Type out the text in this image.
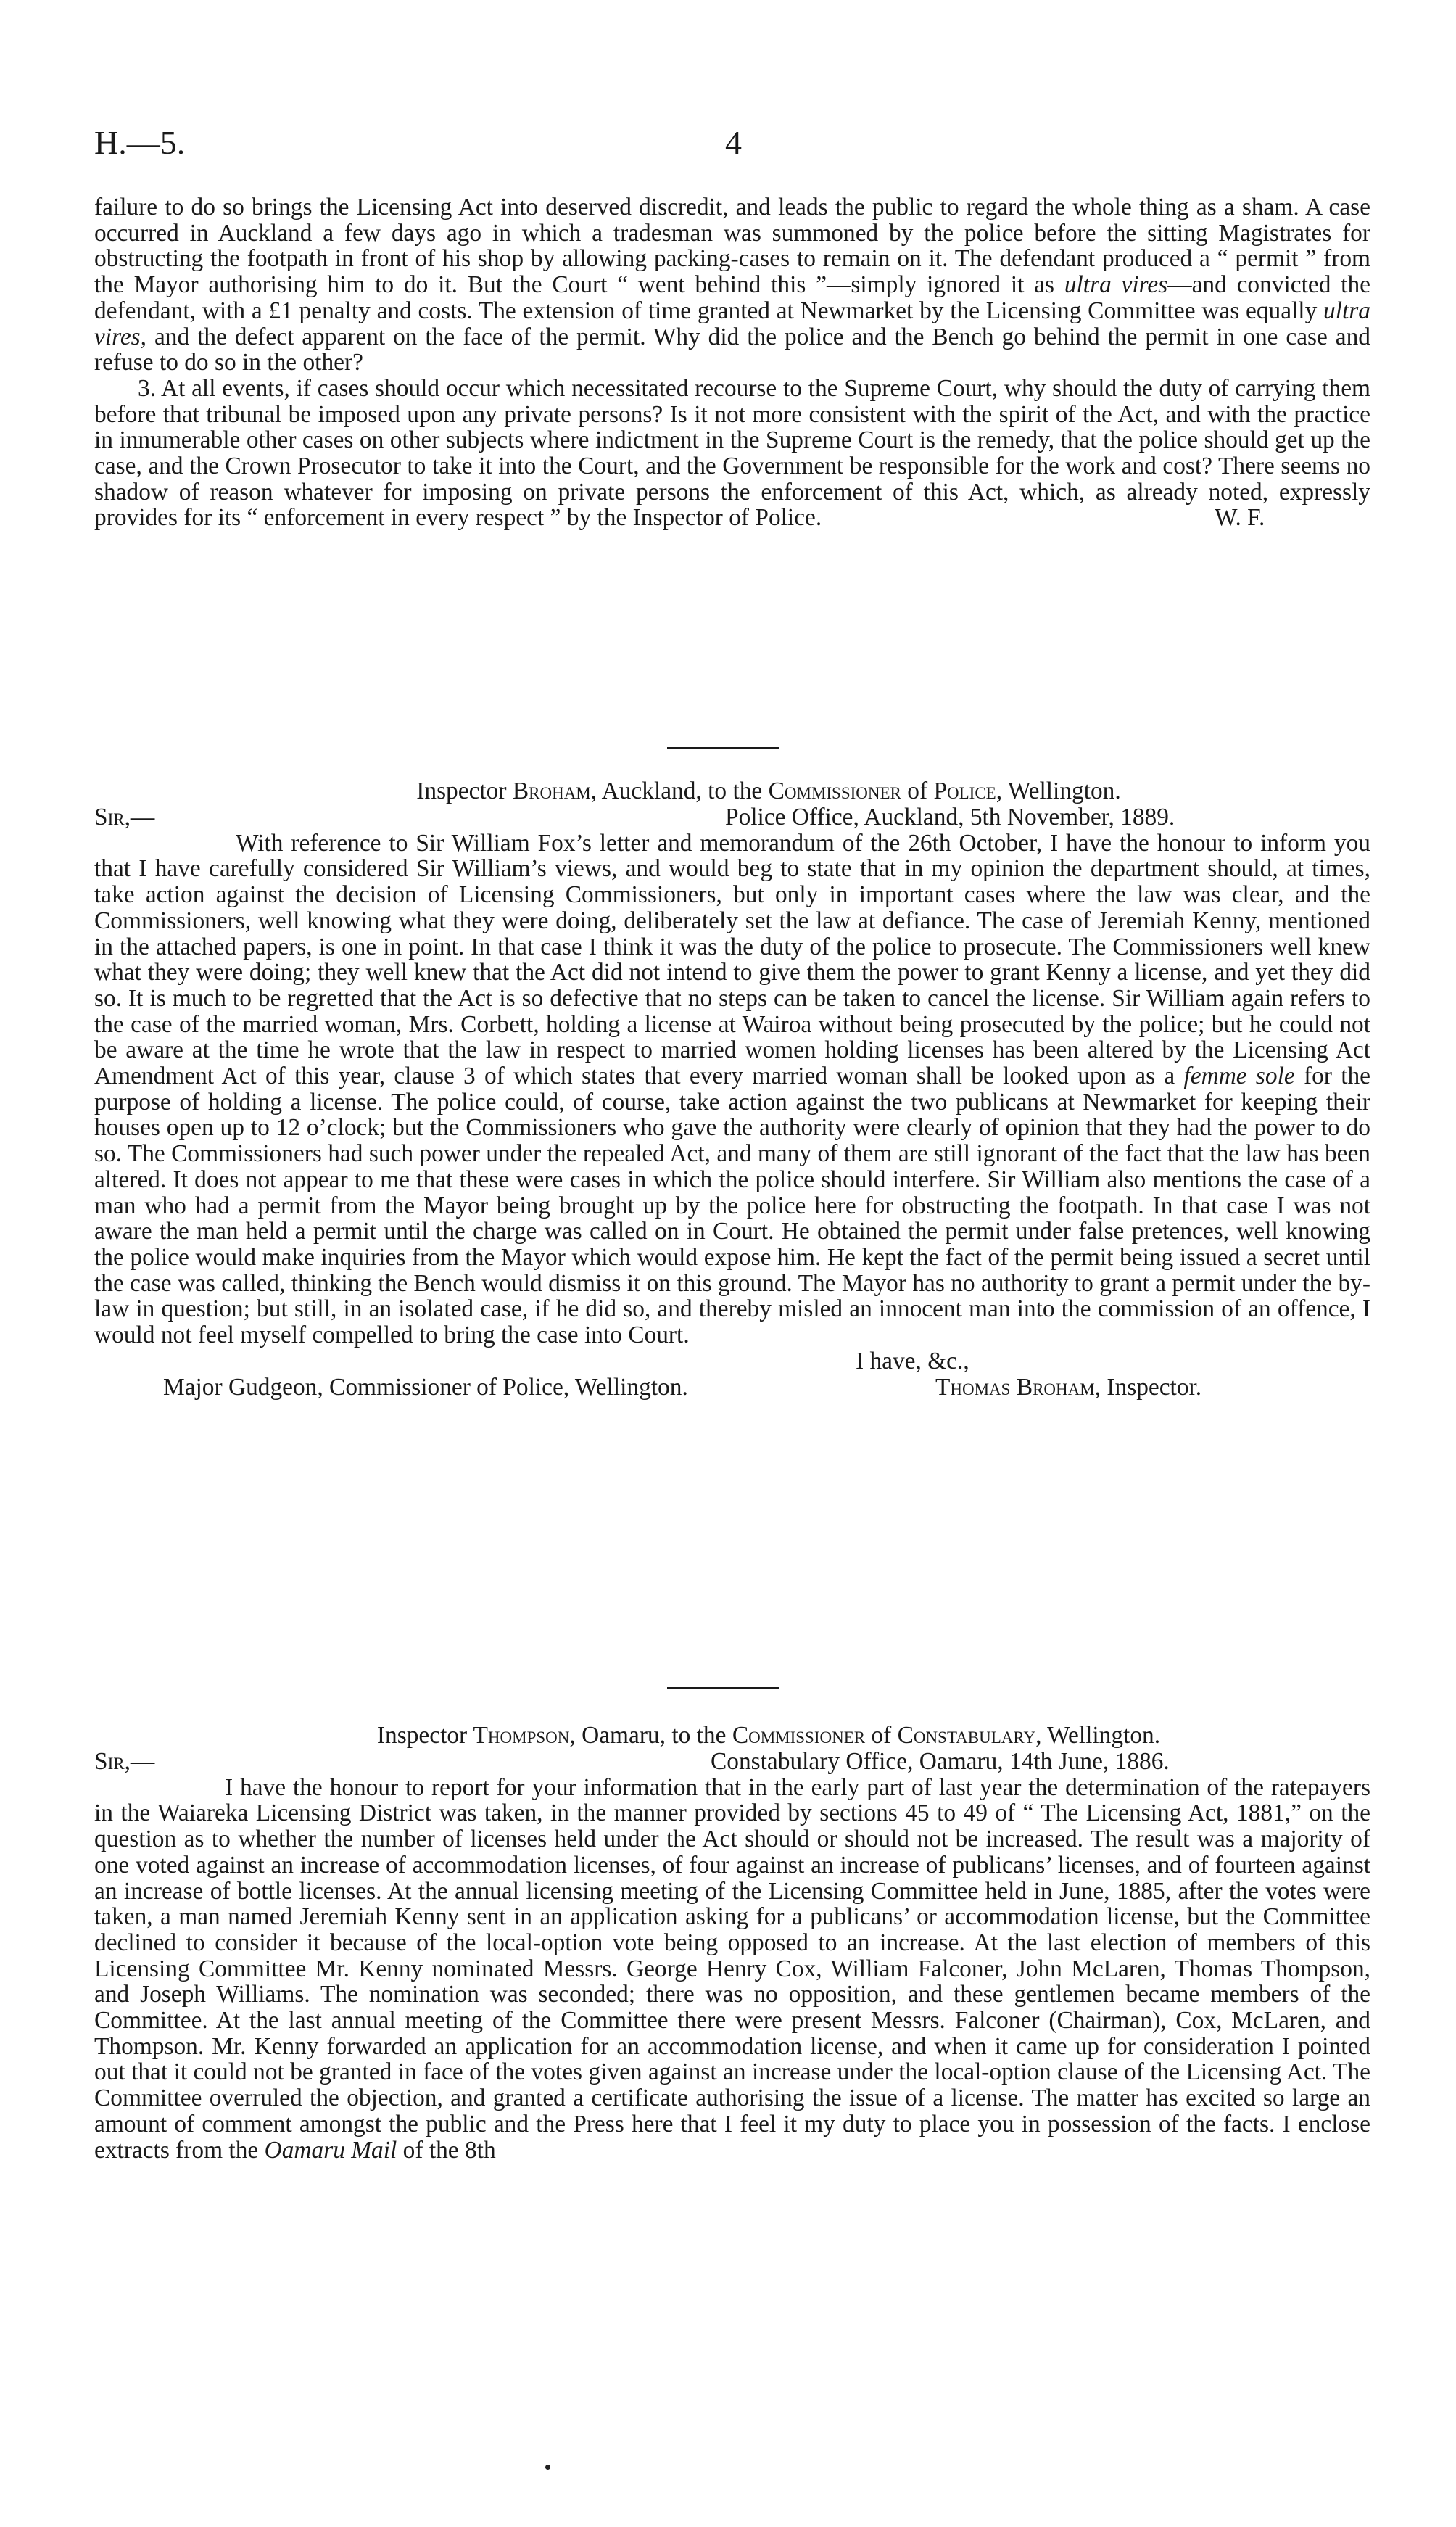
H.—5.	4

failure to do so brings the Licensing Act into deserved discredit, and leads the public to regard the whole thing as a sham. A case occurred in Auckland a few days ago in which a tradesman was summoned by the police before the sitting Magistrates for obstructing the footpath in front of his shop by allowing packing-cases to remain on it. The defendant produced a “ permit ” from the Mayor authorising him to do it. But the Court “ went behind this ”—simply ignored it as ultra vires—and convicted the defendant, with a £1 penalty and costs. The extension of time granted at Newmarket by the Licensing Committee was equally ultra vires, and the defect apparent on the face of the permit. Why did the police and the Bench go behind the permit in one case and refuse to do so in the other?

3. At all events, if cases should occur which necessitated recourse to the Supreme Court, why should the duty of carrying them before that tribunal be imposed upon any private persons? Is it not more consistent with the spirit of the Act, and with the practice in innumerable other cases on other subjects where indictment in the Supreme Court is the remedy, that the police should get up the case, and the Crown Prosecutor to take it into the Court, and the Government be responsible for the work and cost? There seems no shadow of reason whatever for imposing on private persons the enforcement of this Act, which, as already noted, expressly provides for its “ enforcement in every respect ” by the Inspector of Police.	W. F.
Inspector Broham, Auckland, to the Commissioner of Police, Wellington.
Sir,—	Police Office, Auckland, 5th November, 1889.

With reference to Sir William Fox’s letter and memorandum of the 26th October, I have the honour to inform you that I have carefully considered Sir William’s views, and would beg to state that in my opinion the department should, at times, take action against the decision of Licensing Commissioners, but only in important cases where the law was clear, and the Commissioners, well knowing what they were doing, deliberately set the law at defiance. The case of Jeremiah Kenny, mentioned in the attached papers, is one in point. In that case I think it was the duty of the police to prosecute. The Commissioners well knew what they were doing; they well knew that the Act did not intend to give them the power to grant Kenny a license, and yet they did so. It is much to be regretted that the Act is so defective that no steps can be taken to cancel the license. Sir William again refers to the case of the married woman, Mrs. Corbett, holding a license at Wairoa without being prosecuted by the police; but he could not be aware at the time he wrote that the law in respect to married women holding licenses has been altered by the Licensing Act Amendment Act of this year, clause 3 of which states that every married woman shall be looked upon as a femme sole for the purpose of holding a license. The police could, of course, take action against the two publicans at Newmarket for keeping their houses open up to 12 o’clock; but the Commissioners who gave the authority were clearly of opinion that they had the power to do so. The Commissioners had such power under the repealed Act, and many of them are still ignorant of the fact that the law has been altered. It does not appear to me that these were cases in which the police should interfere. Sir William also mentions the case of a man who had a permit from the Mayor being brought up by the police here for obstructing the footpath. In that case I was not aware the man held a permit until the charge was called on in Court. He obtained the permit under false pretences, well knowing the police would make inquiries from the Mayor which would expose him. He kept the fact of the permit being issued a secret until the case was called, thinking the Bench would dismiss it on this ground. The Mayor has no authority to grant a permit under the by-law in question; but still, in an isolated case, if he did so, and thereby misled an innocent man into the commission of an offence, I would not feel myself compelled to bring the case into Court.

I have, &c.,
Major Gudgeon, Commissioner of Police, Wellington.	Thomas Broham, Inspector.
Inspector Thompson, Oamaru, to the Commissioner of Constabulary, Wellington.
Sir,—	Constabulary Office, Oamaru, 14th June, 1886.

I have the honour to report for your information that in the early part of last year the determination of the ratepayers in the Waiareka Licensing District was taken, in the manner provided by sections 45 to 49 of “ The Licensing Act, 1881,” on the question as to whether the number of licenses held under the Act should or should not be increased. The result was a majority of one voted against an increase of accommodation licenses, of four against an increase of publicans’ licenses, and of fourteen against an increase of bottle licenses. At the annual licensing meeting of the Licensing Committee held in June, 1885, after the votes were taken, a man named Jeremiah Kenny sent in an application asking for a publicans’ or accommodation license, but the Committee declined to consider it because of the local-option vote being opposed to an increase. At the last election of members of this Licensing Committee Mr. Kenny nominated Messrs. George Henry Cox, William Falconer, John McLaren, Thomas Thompson, and Joseph Williams. The nomination was seconded; there was no opposition, and these gentlemen became members of the Committee. At the last annual meeting of the Committee there were present Messrs. Falconer (Chairman), Cox, McLaren, and Thompson. Mr. Kenny forwarded an application for an accommodation license, and when it came up for consideration I pointed out that it could not be granted in face of the votes given against an increase under the local-option clause of the Licensing Act. The Committee overruled the objection, and granted a certificate authorising the issue of a license. The matter has excited so large an amount of comment amongst the public and the Press here that I feel it my duty to place you in possession of the facts. I enclose extracts from the Oamaru Mail of the 8th
